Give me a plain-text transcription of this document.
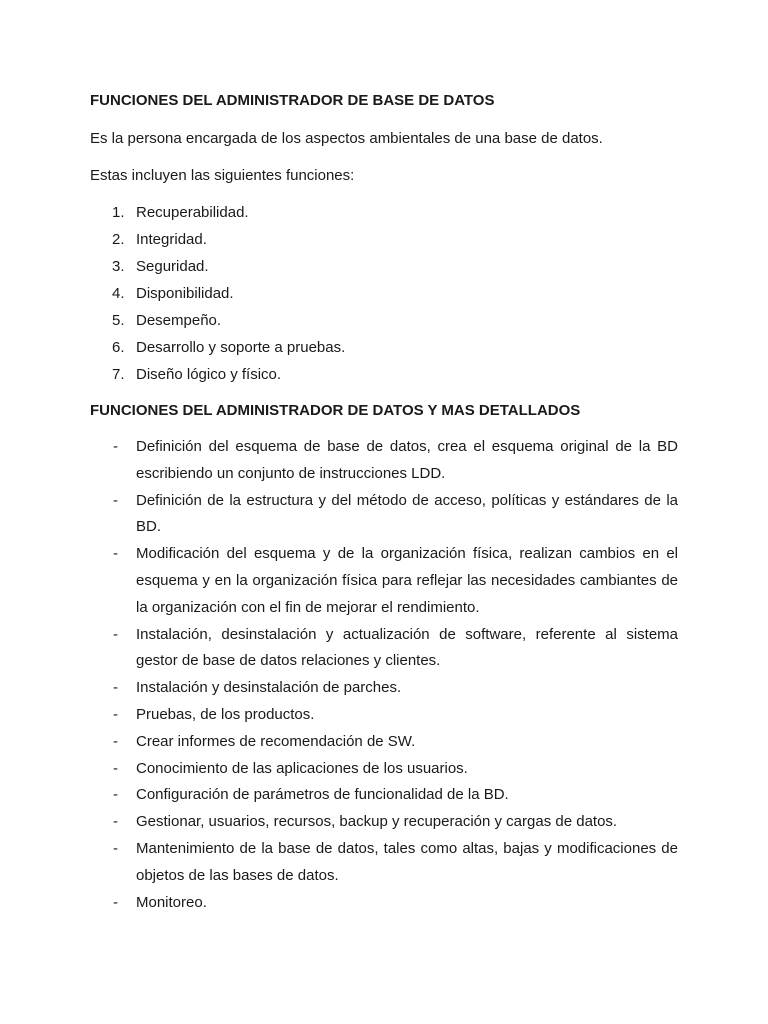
FUNCIONES DEL ADMINISTRADOR DE BASE DE DATOS
Es la persona encargada de los aspectos ambientales de una base de datos.
Estas incluyen las siguientes funciones:
1. Recuperabilidad.
2. Integridad.
3. Seguridad.
4. Disponibilidad.
5. Desempeño.
6. Desarrollo y soporte a pruebas.
7. Diseño lógico y físico.
FUNCIONES DEL ADMINISTRADOR DE DATOS Y MAS DETALLADOS
- Definición del esquema de base de datos, crea el esquema original de la BD escribiendo un conjunto de instrucciones LDD.
- Definición de la estructura y del método de acceso, políticas y estándares de la BD.
- Modificación del esquema y de la organización física, realizan cambios en el esquema y en la organización física para reflejar las necesidades cambiantes de la organización con el fin de mejorar el rendimiento.
- Instalación, desinstalación y actualización de software, referente al sistema gestor de base de datos relaciones y clientes.
- Instalación y desinstalación de parches.
- Pruebas, de los productos.
- Crear informes de recomendación de SW.
- Conocimiento de las aplicaciones de los usuarios.
- Configuración de parámetros de funcionalidad de la BD.
- Gestionar, usuarios, recursos, backup y recuperación y cargas de datos.
- Mantenimiento de la base de datos, tales como altas, bajas y modificaciones de objetos de las bases de datos.
- Monitoreo.
